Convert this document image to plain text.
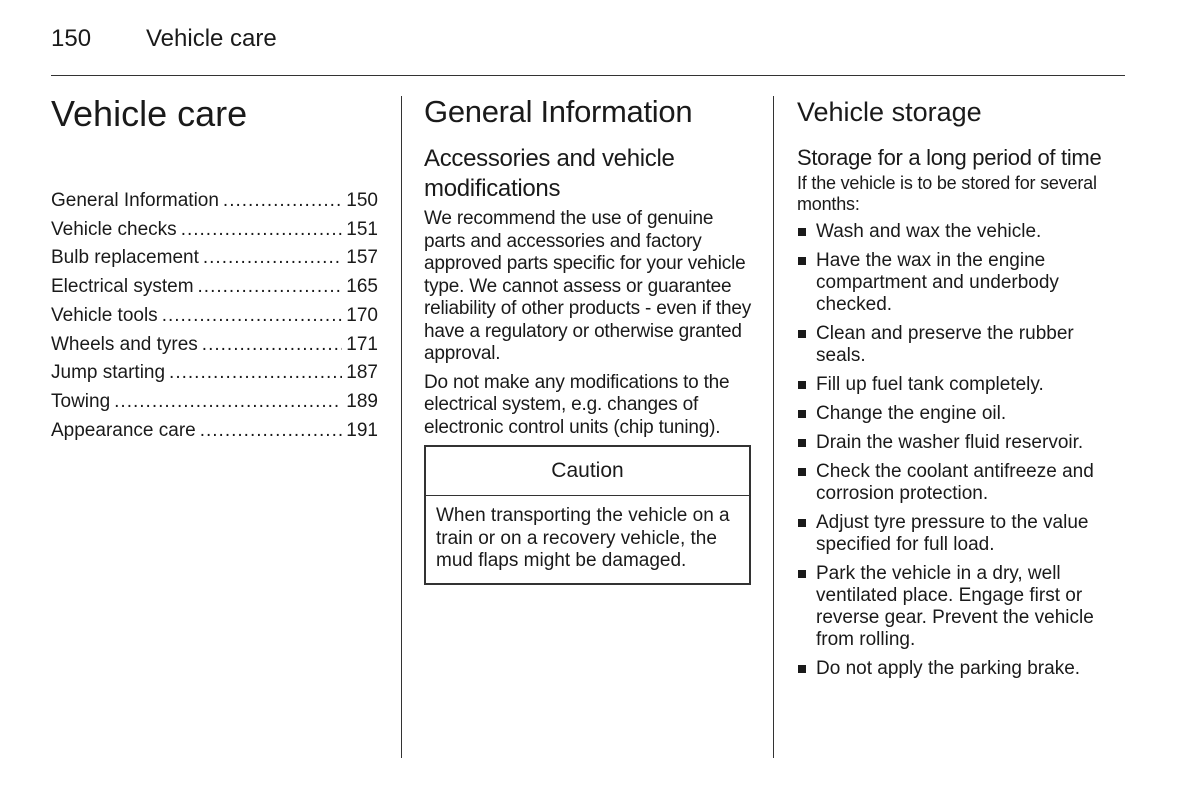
150 Vehicle care
Vehicle care
General Information .....	150
Vehicle checks .....	151
Bulb replacement .....	157
Electrical system .....	165
Vehicle tools .....	170
Wheels and tyres .....	171
Jump starting .....	187
Towing .....	189
Appearance care .....	191
General Information
Accessories and vehicle modifications

We recommend the use of genuine parts and accessories and factory approved parts specific for your vehicle type. We cannot assess or guarantee reliability of other products - even if they have a regulatory or otherwise granted approval.

Do not make any modifications to the electrical system, e.g. changes of electronic control units (chip tuning).

Caution
When transporting the vehicle on a train or on a recovery vehicle, the mud flaps might be damaged.
Vehicle storage
Storage for a long period of time

If the vehicle is to be stored for several months:

Wash and wax the vehicle.
Have the wax in the engine compartment and underbody checked.
Clean and preserve the rubber seals.
Fill up fuel tank completely.
Change the engine oil.
Drain the washer fluid reservoir.
Check the coolant antifreeze and corrosion protection.
Adjust tyre pressure to the value specified for full load.
Park the vehicle in a dry, well ventilated place. Engage first or reverse gear. Prevent the vehicle from rolling.
Do not apply the parking brake.
